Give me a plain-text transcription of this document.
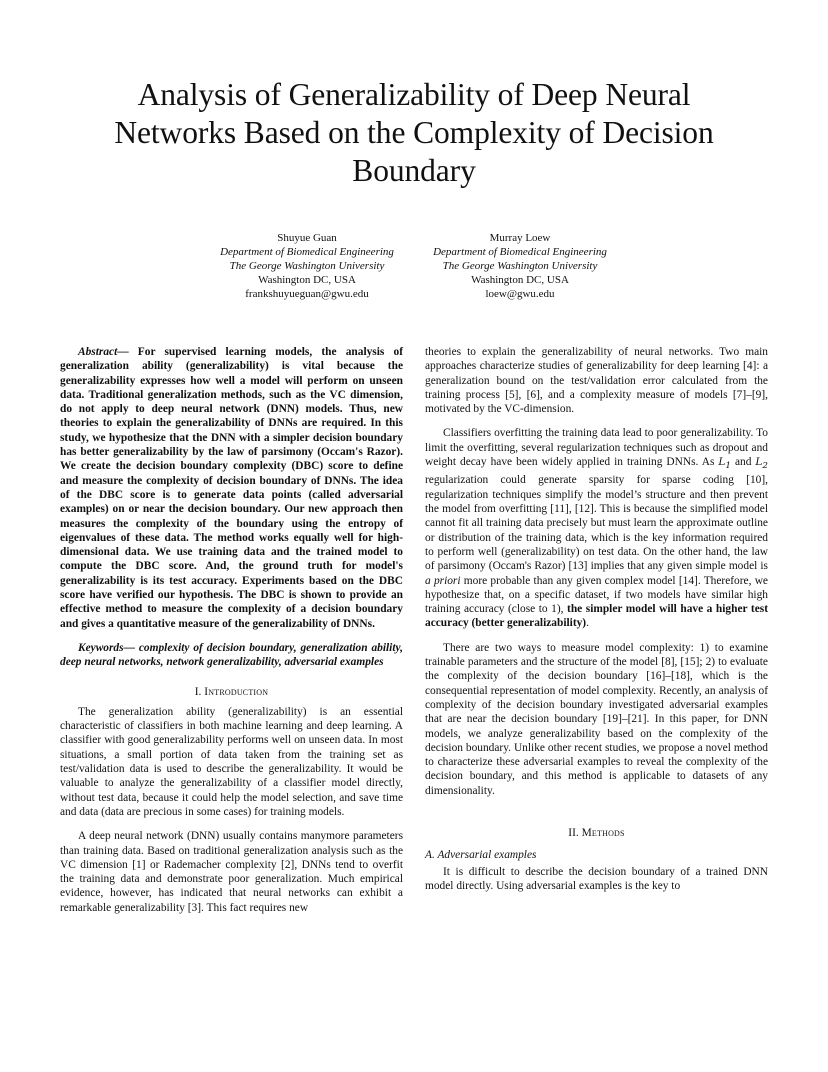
Analysis of Generalizability of Deep Neural
Networks Based on the Complexity of Decision
Boundary
Shuyue Guan
Department of Biomedical Engineering
The George Washington University
Washington DC, USA
frankshuyueguan@gwu.edu
Murray Loew
Department of Biomedical Engineering
The George Washington University
Washington DC, USA
loew@gwu.edu

Abstract— For supervised learning models, the analysis of generalization ability (generalizability) is vital because the generalizability expresses how well a model will perform on unseen data. Traditional generalization methods, such as the VC dimension, do not apply to deep neural network (DNN) models. Thus, new theories to explain the generalizability of DNNs are required. In this study, we hypothesize that the DNN with a simpler decision boundary has better generalizability by the law of parsimony (Occam's Razor). We create the decision boundary complexity (DBC) score to define and measure the complexity of decision boundary of DNNs. The idea of the DBC score is to generate data points (called adversarial examples) on or near the decision boundary. Our new approach then measures the complexity of the boundary using the entropy of eigenvalues of these data. The method works equally well for high-dimensional data. We use training data and the trained model to compute the DBC score. And, the ground truth for model's generalizability is its test accuracy. Experiments based on the DBC score have verified our hypothesis. The DBC is shown to provide an effective method to measure the complexity of a decision boundary and gives a quantitative measure of the generalizability of DNNs.

Keywords— complexity of decision boundary, generalization ability, deep neural networks, network generalizability, adversarial examples

I. Introduction

The generalization ability (generalizability) is an essential characteristic of classifiers in both machine learning and deep learning. A classifier with good generalizability performs well on unseen data. In most situations, a small portion of data taken from the training set as test/validation data is used to describe the generalizability. It would be valuable to analyze the generalizability of a classifier model directly, without test data, because it could help the model selection, and save time and data (data are precious in some cases) for training models.

A deep neural network (DNN) usually contains manymore parameters than training data. Based on traditional generalization analysis such as the VC dimension [1] or Rademacher complexity [2], DNNs tend to overfit the training data and demonstrate poor generalization. Much empirical evidence, however, has indicated that neural networks can exhibit a remarkable generalizability [3]. This fact requires new

theories to explain the generalizability of neural networks. Two main approaches characterize studies of generalizability for deep learning [4]: a generalization bound on the test/validation error calculated from the training process [5], [6], and a complexity measure of models [7]–[9], motivated by the VC-dimension.

Classifiers overfitting the training data lead to poor generalizability. To limit the overfitting, several regularization techniques such as dropout and weight decay have been widely applied in training DNNs. As 𝐿$_1$ and 𝐿$_2$ regularization could generate sparsity for sparse coding [10], regularization techniques simplify the model’s structure and then prevent the model from overfitting [11], [12]. This is because the simplified model cannot fit all training data precisely but must learn the approximate outline or distribution of the training data, which is the key information required to perform well (generalizability) on test data. On the other hand, the law of parsimony (Occam's Razor) [13] implies that any given simple model is a priori more probable than any given complex model [14]. Therefore, we hypothesize that, on a specific dataset, if two models have similar high training accuracy (close to 1), the simpler model will have a higher test accuracy (better generalizability).

There are two ways to measure model complexity: 1) to examine trainable parameters and the structure of the model [8], [15]; 2) to evaluate the complexity of the decision boundary [16]–[18], which is the consequential representation of model complexity. Recently, an analysis of complexity of the decision boundary investigated adversarial examples that are near the decision boundary [19]–[21]. In this paper, for DNN models, we analyze generalizability based on the complexity of the decision boundary. Unlike other recent studies, we propose a novel method to characterize these adversarial examples to reveal the complexity of the decision boundary, and this method is applicable to datasets of any dimensionality.

II. Methods

A. Adversarial examples

It is difficult to describe the decision boundary of a trained DNN model directly. Using adversarial examples is the key to
